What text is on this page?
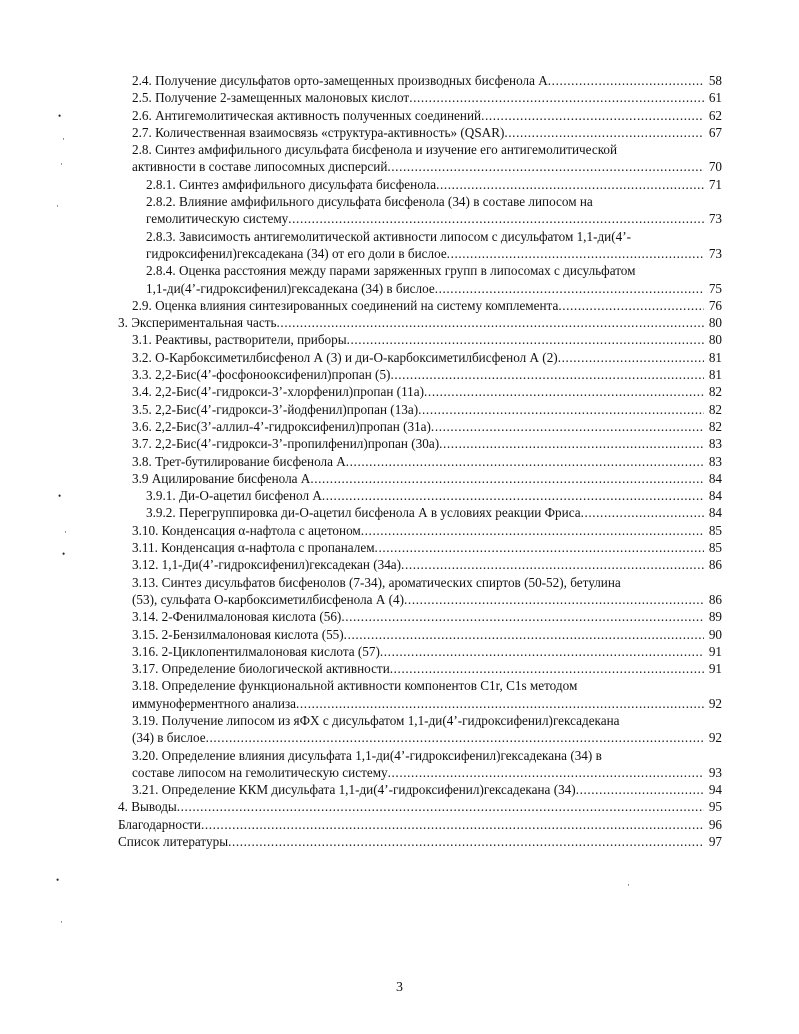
2.4. Получение дисульфатов орто-замещенных производных бисфенола А .....	58
2.5. Получение 2-замещенных малоновых кислот .....	61
2.6. Антигемолитическая активность полученных соединений .....	62
2.7. Количественная взаимосвязь «структура-активность» (QSAR) .....	67
2.8. Синтез амфифильного дисульфата бисфенола и изучение его антигемолитической
активности в составе липосомных дисперсий .....	70
2.8.1. Синтез амфифильного дисульфата бисфенола .....	71
2.8.2. Влияние амфифильного дисульфата бисфенола (34) в составе липосом на
гемолитическую систему .....	73
2.8.3. Зависимость антигемолитической активности липосом с дисульфатом 1,1-ди(4’-
гидроксифенил)гексадекана (34) от его доли в бислое .....	73
2.8.4. Оценка расстояния между парами заряженных групп в липосомах с дисульфатом
1,1-ди(4’-гидроксифенил)гексадекана (34) в бислое .....	75
2.9. Оценка влияния синтезированных соединений на систему комплемента .....	76
3. Экспериментальная часть .....	80
3.1. Реактивы, растворители, приборы .....	80
3.2. О-Карбоксиметилбисфенол А (3) и ди-О-карбоксиметилбисфенол А (2) .....	81
3.3. 2,2-Бис(4’-фосфонооксифенил)пропан (5) .....	81
3.4. 2,2-Бис(4’-гидрокси-3’-хлорфенил)пропан (11а) .....	82
3.5. 2,2-Бис(4’-гидрокси-3’-йодфенил)пропан (13а) .....	82
3.6. 2,2-Бис(3’-аллил-4’-гидроксифенил)пропан (31а) .....	82
3.7. 2,2-Бис(4’-гидрокси-3’-пропилфенил)пропан (30а) .....	83
3.8. Трет-бутилирование бисфенола А .....	83
3.9 Ацилирование бисфенола А .....	84
3.9.1. Ди-О-ацетил бисфенол А .....	84
3.9.2. Перегруппировка ди-О-ацетил бисфенола А в условиях реакции Фриса .....	84
3.10. Конденсация α-нафтола с ацетоном .....	85
3.11. Конденсация α-нафтола с пропаналем .....	85
3.12. 1,1-Ди(4’-гидроксифенил)гексадекан (34а) .....	86
3.13. Синтез дисульфатов бисфенолов (7-34), ароматических спиртов (50-52), бетулина
(53), сульфата О-карбоксиметилбисфенола А (4) .....	86
3.14. 2-Фенилмалоновая кислота (56) .....	89
3.15. 2-Бензилмалоновая кислота (55) .....	90
3.16. 2-Циклопентилмалоновая кислота (57) .....	91
3.17. Определение биологической активности .....	91
3.18. Определение функциональной активности компонентов C1r, C1s методом
иммуноферментного анализа .....	92
3.19. Получение липосом из яФХ с дисульфатом 1,1-ди(4’-гидроксифенил)гексадекана
(34) в бислое .....	92
3.20. Определение влияния дисульфата 1,1-ди(4’-гидроксифенил)гексадекана (34) в
составе липосом на гемолитическую систему .....	93
3.21. Определение ККМ дисульфата 1,1-ди(4’-гидроксифенил)гексадекана (34) .....	94
4. Выводы .....	95
Благодарности .....	96
Список литературы .....	97
3
•
·
·
·
•
·
•
•
·
·
